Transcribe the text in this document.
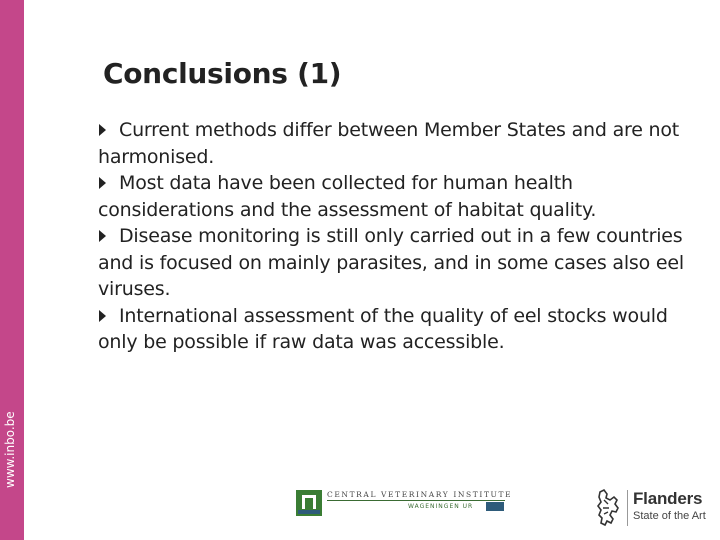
www.inbo.be
Conclusions (1)
Current methods differ between Member States and are not harmonised.
Most data have been collected for human health considerations and the assessment of habitat quality.
Disease monitoring is still only carried out in a few countries and is focused on mainly parasites, and in some cases also eel viruses.
International assessment of the quality of eel stocks would only be possible if raw data was accessible.
CENTRAL VETERINARY INSTITUTE
WAGENINGEN UR	Flanders
State of the Art
